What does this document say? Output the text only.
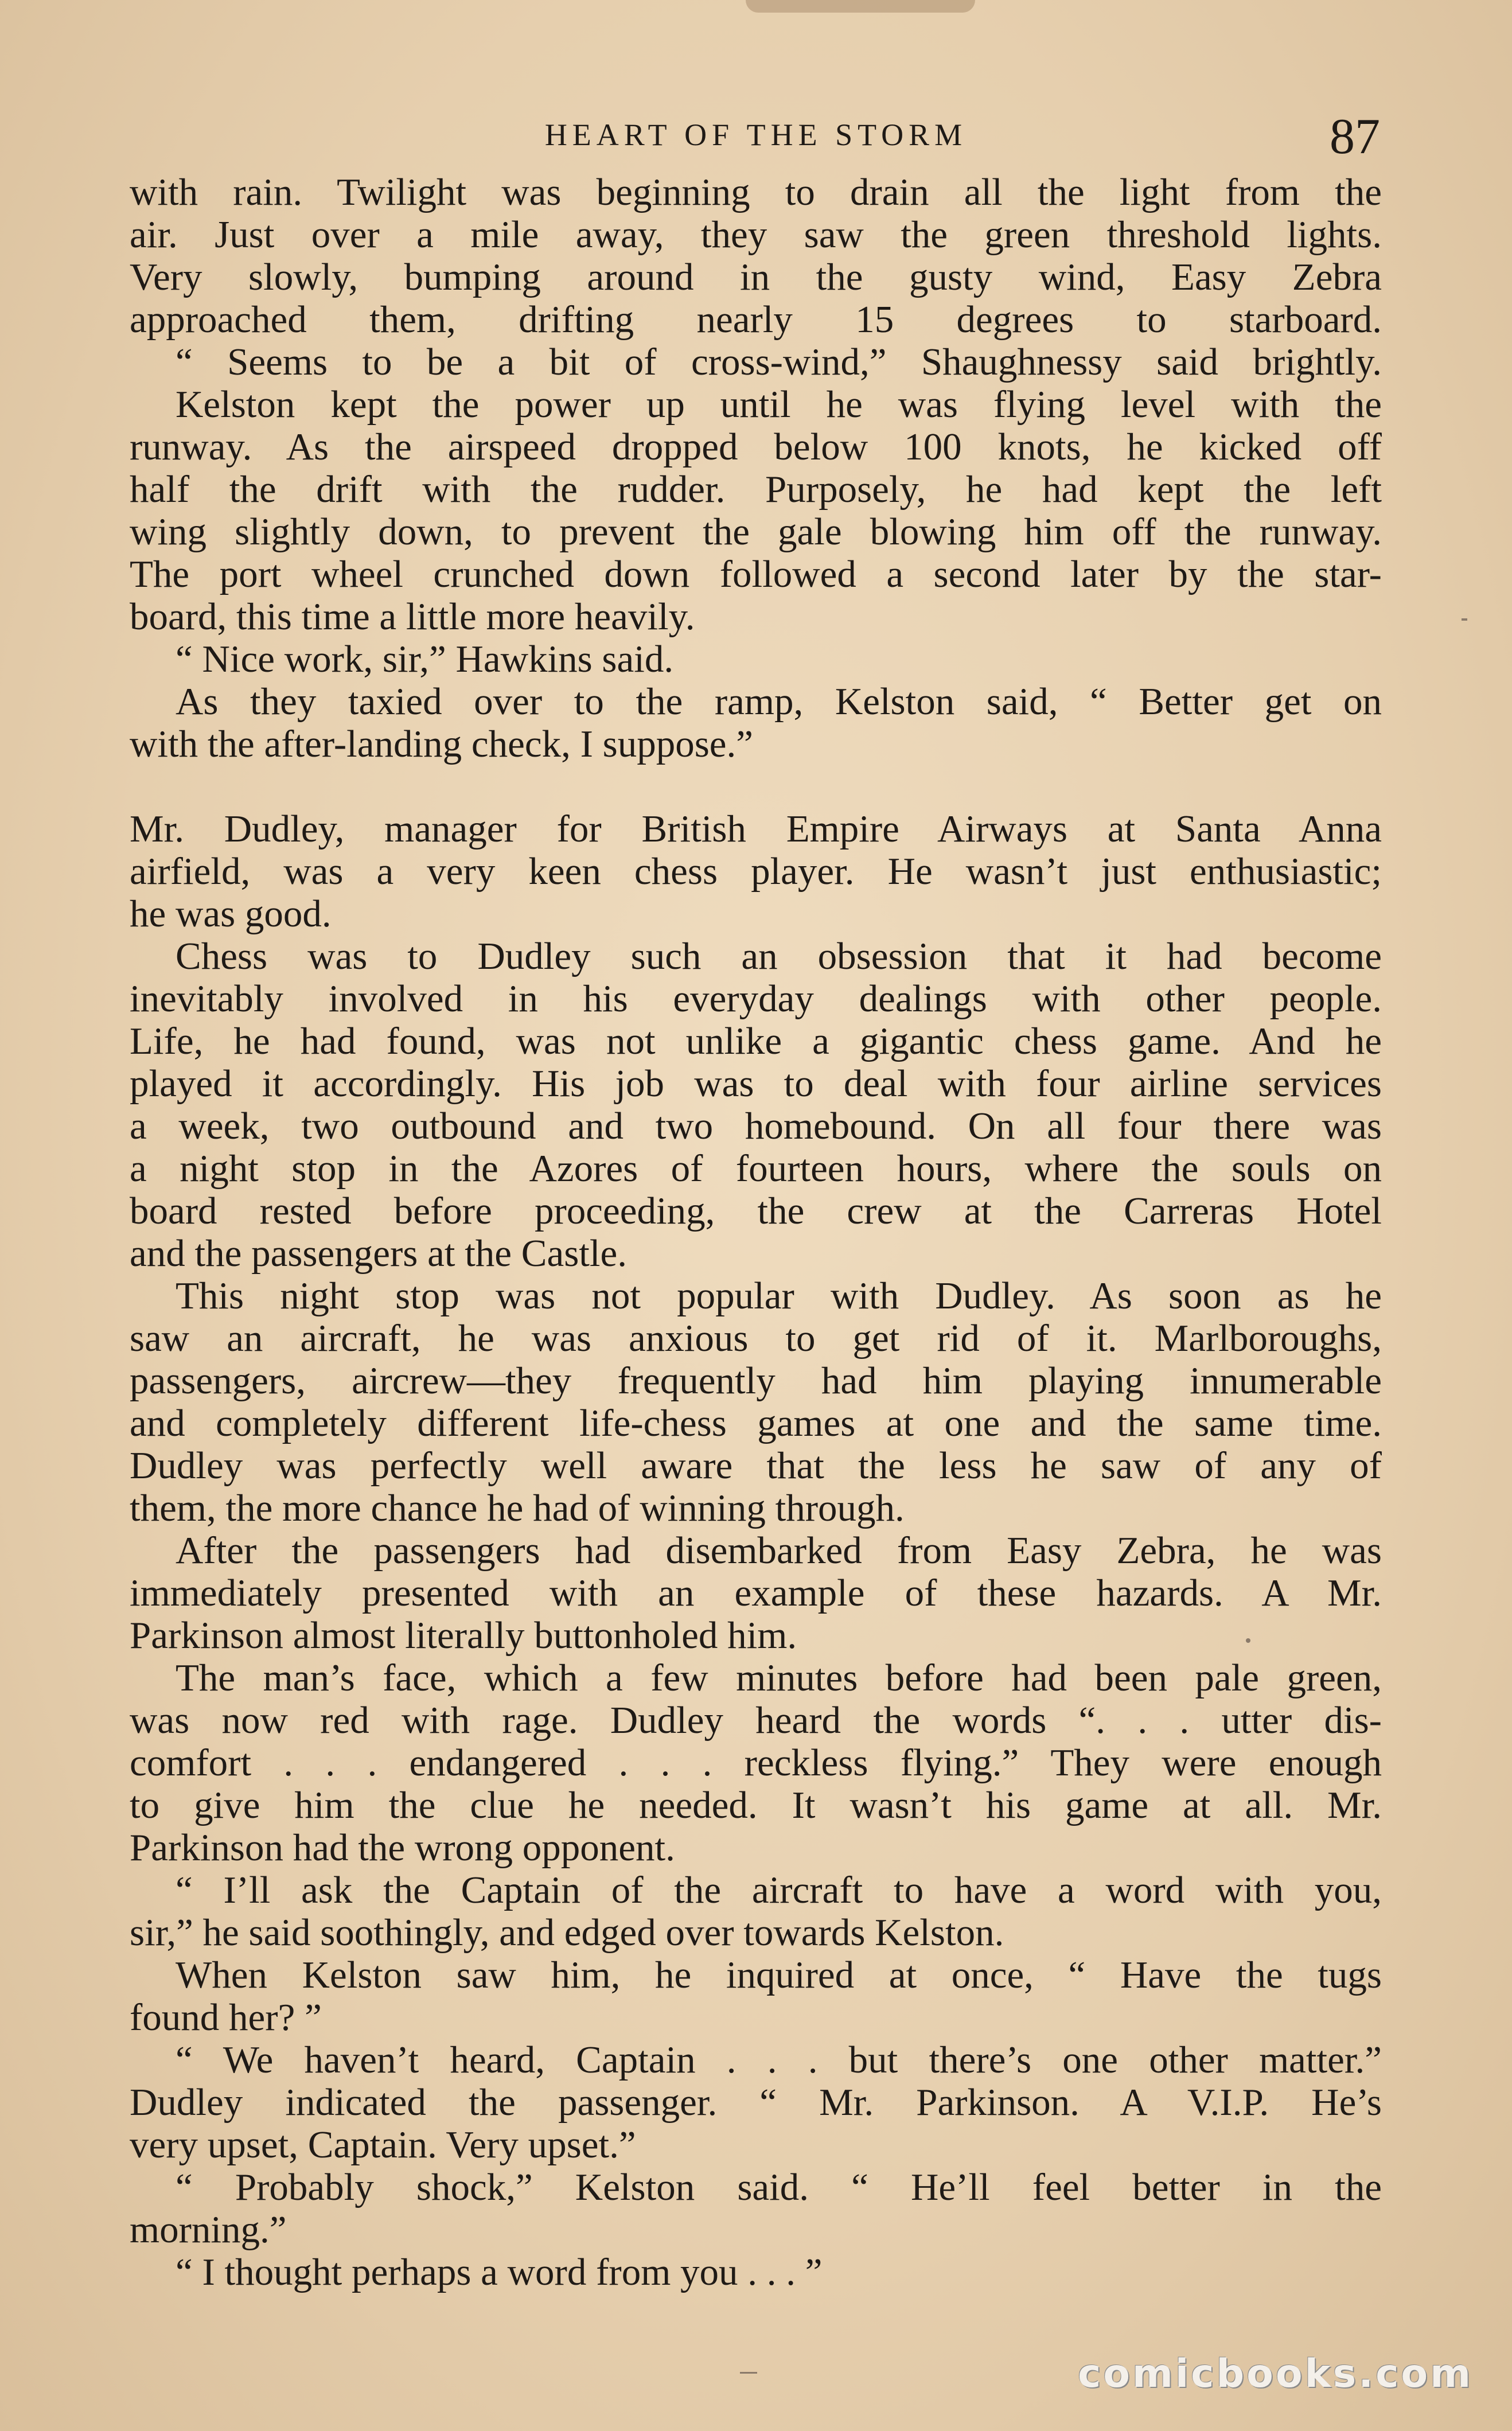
HEART OF THE STORM	87
with rain. Twilight was beginning to drain all the light from the
air. Just over a mile away, they saw the green threshold lights.
Very slowly, bumping around in the gusty wind, Easy Zebra
approached them, drifting nearly 15 degrees to starboard.
“ Seems to be a bit of cross-wind,” Shaughnessy said brightly.
Kelston kept the power up until he was flying level with the
runway. As the airspeed dropped below 100 knots, he kicked off
half the drift with the rudder. Purposely, he had kept the left
wing slightly down, to prevent the gale blowing him off the runway.
The port wheel crunched down followed a second later by the star-
board, this time a little more heavily.
“ Nice work, sir,” Hawkins said.
As they taxied over to the ramp, Kelston said, “ Better get on
with the after-landing check, I suppose.”
Mr. Dudley, manager for British Empire Airways at Santa Anna
airfield, was a very keen chess player. He wasn’t just enthusiastic;
he was good.
Chess was to Dudley such an obsession that it had become
inevitably involved in his everyday dealings with other people.
Life, he had found, was not unlike a gigantic chess game. And he
played it accordingly. His job was to deal with four airline services
a week, two outbound and two homebound. On all four there was
a night stop in the Azores of fourteen hours, where the souls on
board rested before proceeding, the crew at the Carreras Hotel
and the passengers at the Castle.
This night stop was not popular with Dudley. As soon as he
saw an aircraft, he was anxious to get rid of it. Marlboroughs,
passengers, aircrew—they frequently had him playing innumerable
and completely different life-chess games at one and the same time.
Dudley was perfectly well aware that the less he saw of any of
them, the more chance he had of winning through.
After the passengers had disembarked from Easy Zebra, he was
immediately presented with an example of these hazards. A Mr.
Parkinson almost literally buttonholed him.
The man’s face, which a few minutes before had been pale green,
was now red with rage. Dudley heard the words “. . . utter dis-
comfort . . . endangered . . . reckless flying.” They were enough
to give him the clue he needed. It wasn’t his game at all. Mr.
Parkinson had the wrong opponent.
“ I’ll ask the Captain of the aircraft to have a word with you,
sir,” he said soothingly, and edged over towards Kelston.
When Kelston saw him, he inquired at once, “ Have the tugs
found her? ”
“ We haven’t heard, Captain . . . but there’s one other matter.”
Dudley indicated the passenger. “ Mr. Parkinson. A V.I.P. He’s
very upset, Captain. Very upset.”
“ Probably shock,” Kelston said. “ He’ll feel better in the
morning.”
“ I thought perhaps a word from you . . . ”
comicbooks.com
